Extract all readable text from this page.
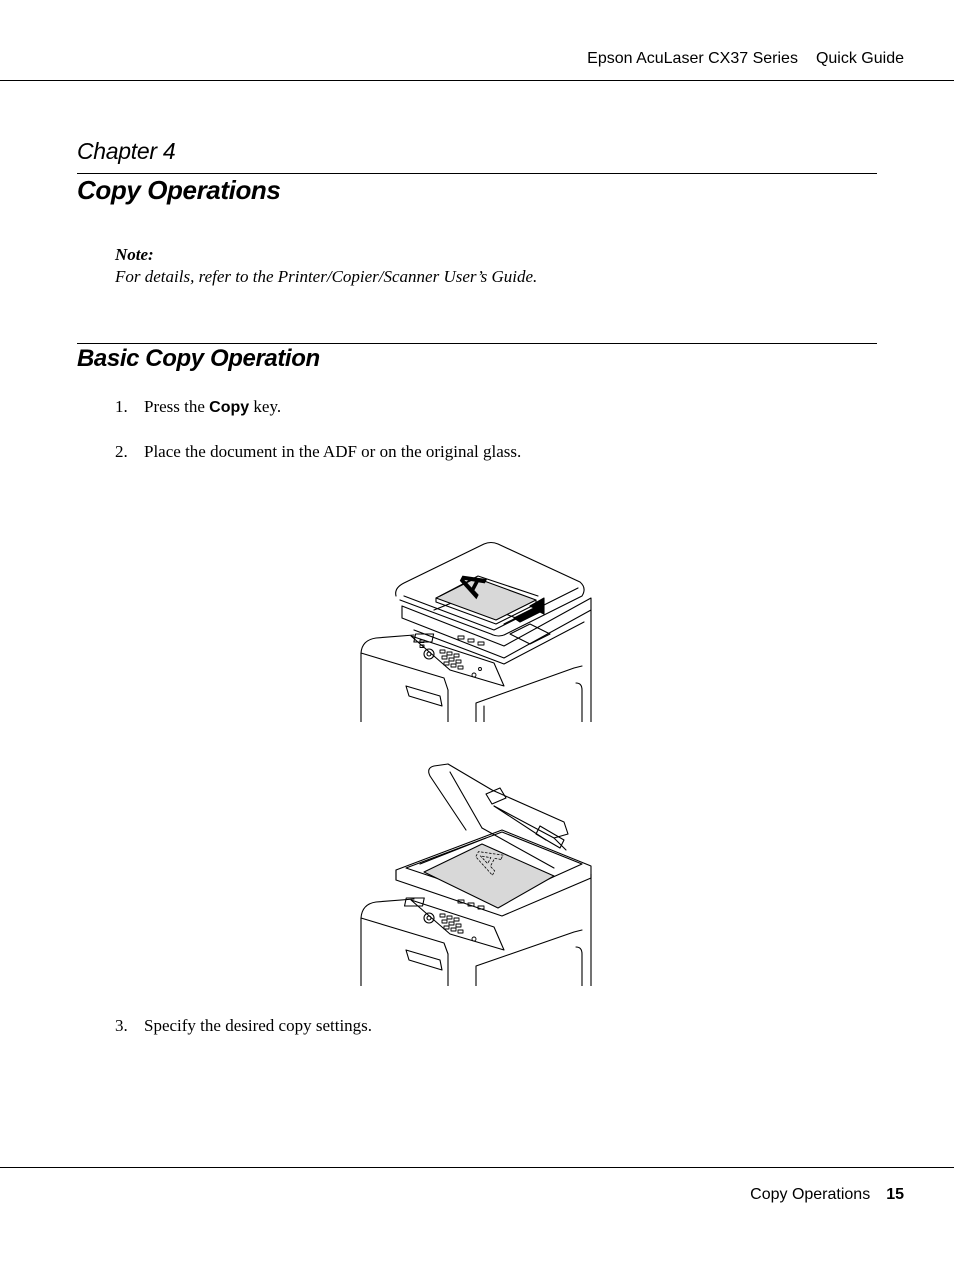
Epson AcuLaser CX37 Series Quick Guide
Chapter 4
Copy Operations
Note:
For details, refer to the Printer/Copier/Scanner User’s Guide.
Basic Copy Operation
1. Press the Copy key.
2. Place the document in the ADF or on the original glass.
A
A
3. Specify the desired copy settings.
Copy Operations 15
